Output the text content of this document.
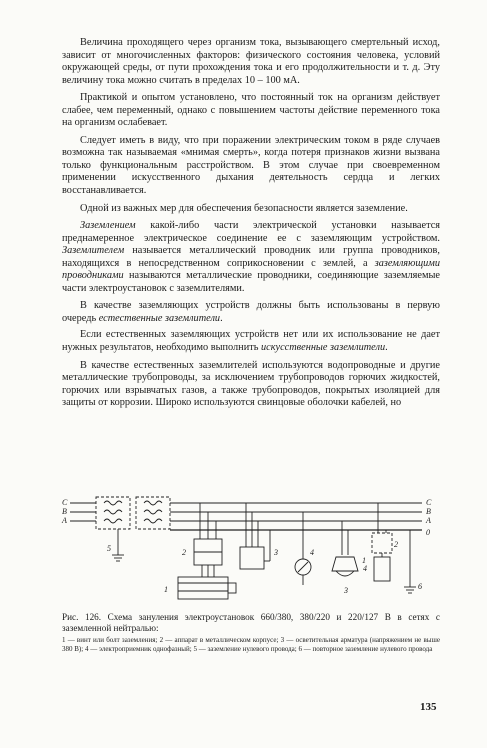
Величина проходящего через организм тока, вызывающего смертельный исход, зависит от многочисленных факторов: физического состояния человека, условий окружающей среды, от пути прохождения тока и его продолжительности и т. д. Эту величину тока можно считать в пределах 10 – 100 мА.

Практикой и опытом установлено, что постоянный ток на организм действует слабее, чем переменный, однако с повышением частоты действие переменного тока на организм ослабевает.

Следует иметь в виду, что при поражении электрическим током в ряде случаев возможна так называемая «мнимая смерть», когда потеря признаков жизни вызвана только функциональным расстройством. В этом случае при своевременном применении искусственного дыхания деятельность сердца и легких восстанавливается.

Одной из важных мер для обеспечения безопасности является заземление.

Заземлением какой-либо части электрической установки называется преднамеренное электрическое соединение ее с заземляющим устройством. Заземлителем называется металлический проводник или группа проводников, находящихся в непосредственном соприкосновении с землей, а заземляющими проводниками называются металлические проводники, соединяющие заземляемые части электроустановок с заземлителями.

В качестве заземляющих устройств должны быть использованы в первую очередь естественные заземлители.

Если естественных заземляющих устройств нет или их использование не дает нужных результатов, необходимо выполнить искусственные заземлители.

В качестве естественных заземлителей используются водопроводные и другие металлические трубопроводы, за исключением трубопроводов горючих жидкостей, горючих или взрывчатых газов, а также трубопроводов, покрытых изоляцией для защиты от коррозии. Широко используются свинцовые оболочки кабелей, но

С
В
А
С
В
А
0
5	2
1
3
1
3
4
2
6
4
Рис. 126. Схема зануления электроустановок 660/380, 380/220 и 220/127 В в сетях с заземленной нейтралью:
1 — винт или болт заземления; 2 — аппарат в металлическом корпусе; 3 — осветительная арматура (напряжением не выше 380 В); 4 — электроприемник однофазный; 5 — заземление нулевого провода; 6 — повторное заземление нулевого провода
135
